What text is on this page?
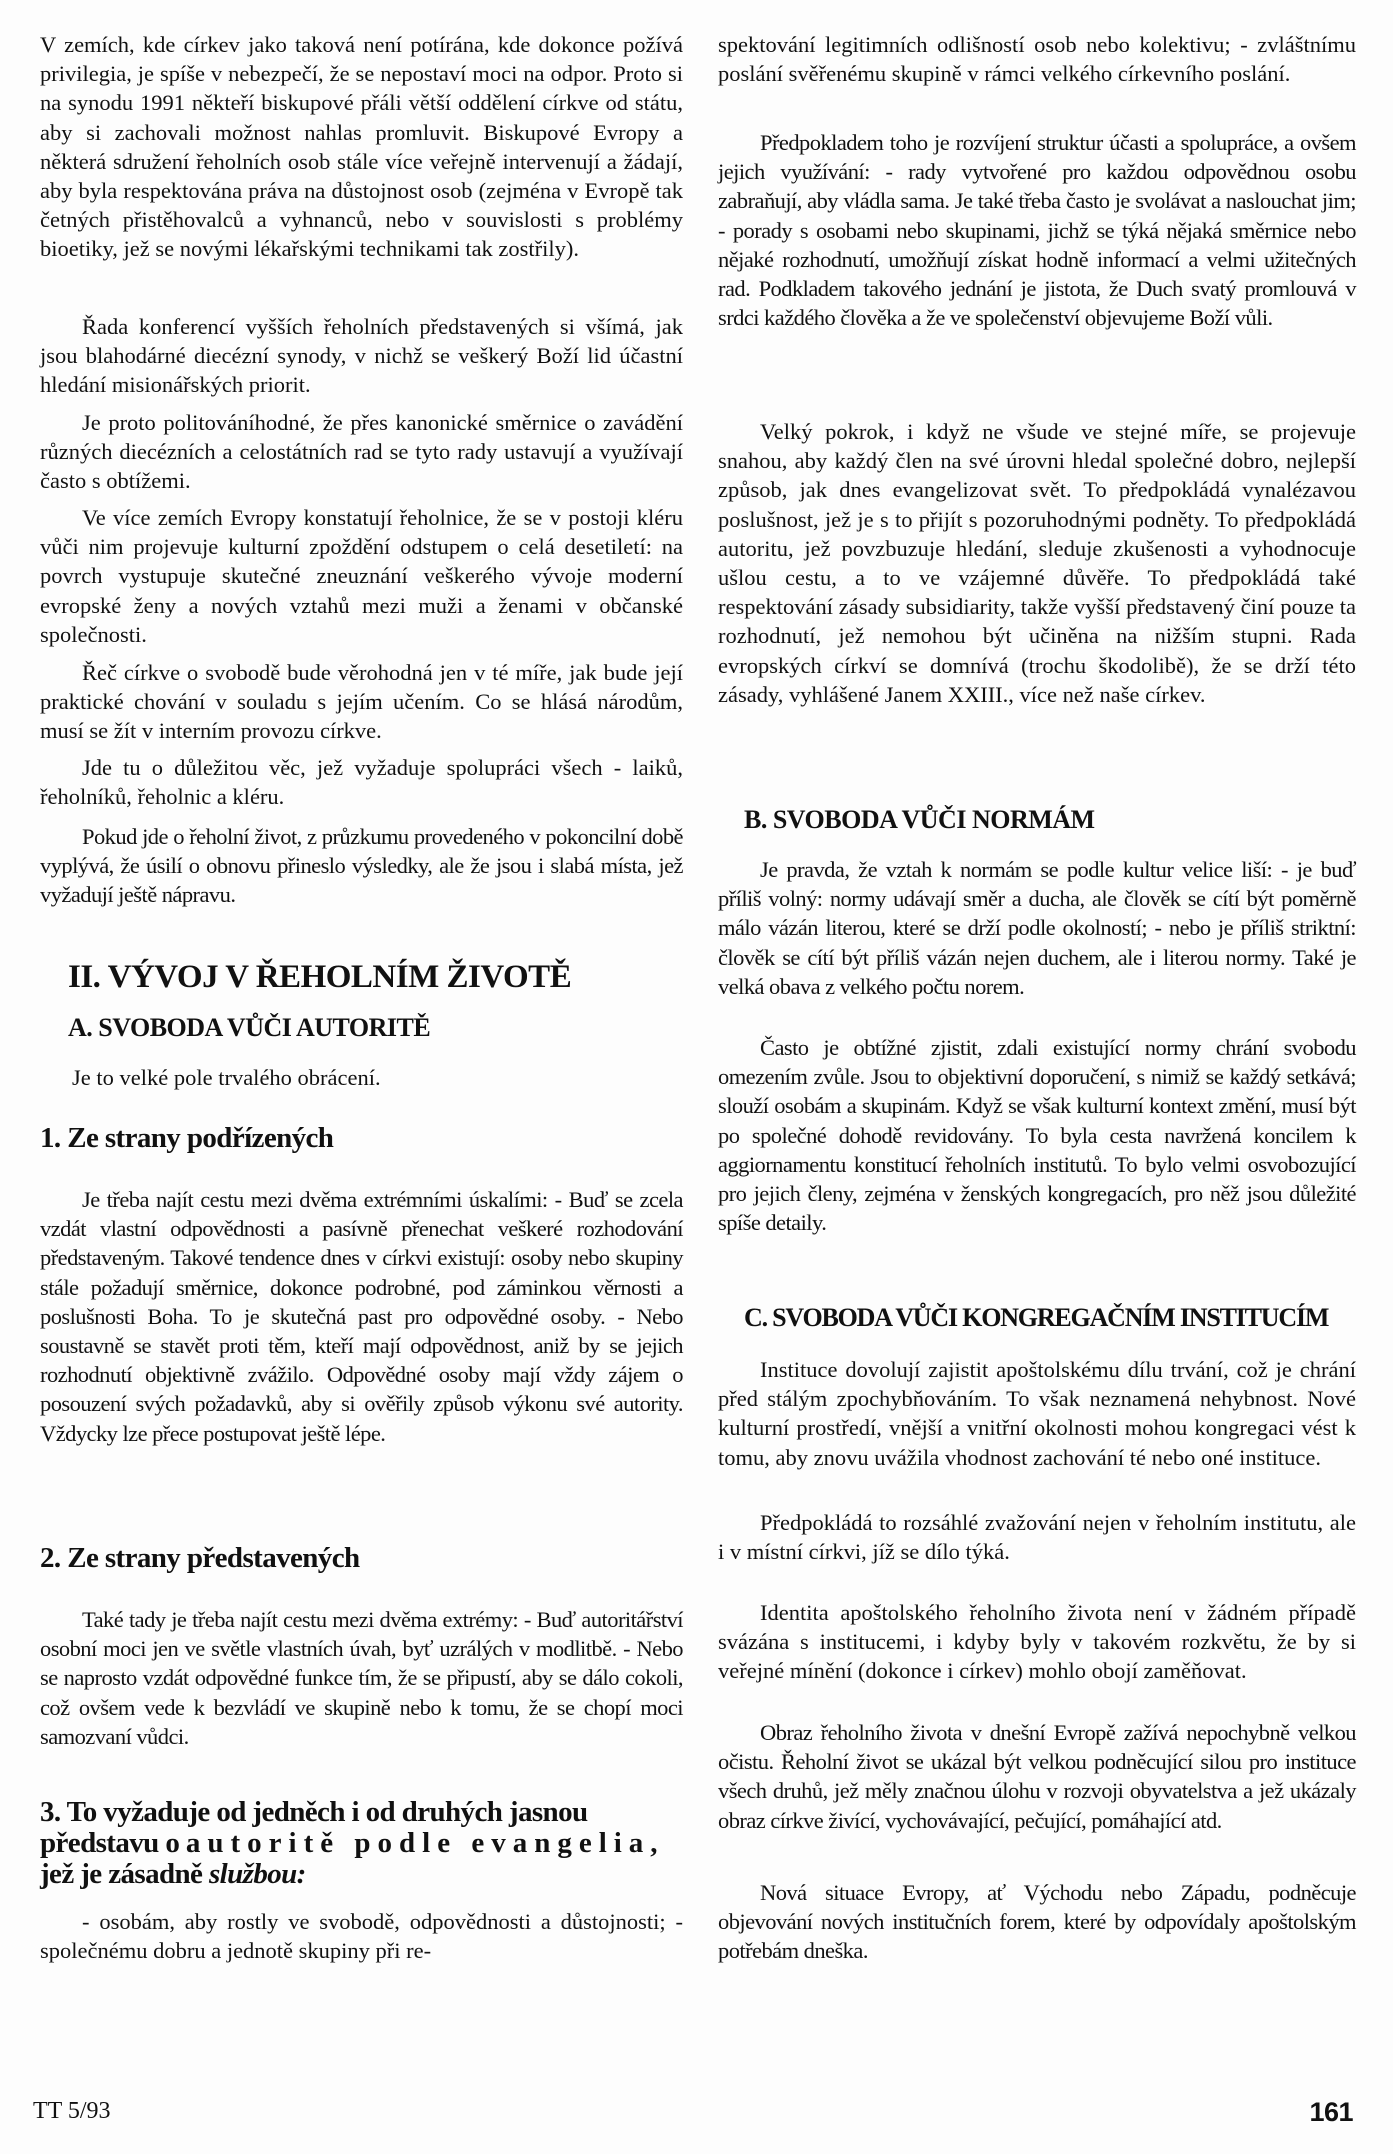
V zemích, kde církev jako taková není potírána, kde dokonce požívá privilegia, je spíše v nebezpečí, že se nepostaví moci na odpor. Proto si na synodu 1991 někteří biskupové přáli větší oddělení církve od státu, aby si zachovali možnost nahlas promluvit. Biskupové Evropy a některá sdružení řeholních osob stále více veřejně intervenují a žádají, aby byla respektována práva na důstojnost osob (zejména v Evropě tak četných přistěhovalců a vyhnanců, nebo v souvislosti s problémy bioetiky, jež se novými lékařskými technikami tak zostřily).

Řada konferencí vyšších řeholních představených si všímá, jak jsou blahodárné diecézní synody, v nichž se veškerý Boží lid účastní hledání misionářských priorit.

Je proto politováníhodné, že přes kanonické směrnice o zavádění různých diecézních a celostátních rad se tyto rady ustavují a využívají často s obtížemi.

Ve více zemích Evropy konstatují řeholnice, že se v postoji kléru vůči nim projevuje kulturní zpoždění odstupem o celá desetiletí: na povrch vystupuje skutečné zneuznání veškerého vývoje moderní evropské ženy a nových vztahů mezi muži a ženami v občanské společnosti.

Řeč církve o svobodě bude věrohodná jen v té míře, jak bude její praktické chování v souladu s jejím učením. Co se hlásá národům, musí se žít v interním provozu církve.

Jde tu o důležitou věc, jež vyžaduje spolupráci všech - laiků, řeholníků, řeholnic a kléru.

Pokud jde o řeholní život, z průzkumu provedeného v pokoncilní době vyplývá, že úsilí o obnovu přineslo výsledky, ale že jsou i slabá místa, jež vyžadují ještě nápravu.

II. VÝVOJ V ŘEHOLNÍM ŽIVOTĚ
A. SVOBODA VŮČI AUTORITĚ

Je to velké pole trvalého obrácení.

1. Ze strany podřízených

Je třeba najít cestu mezi dvěma extrémními úskalími: - Buď se zcela vzdát vlastní odpovědnosti a pasívně přenechat veškeré rozhodování představeným. Takové tendence dnes v církvi existují: osoby nebo skupiny stále požadují směrnice, dokonce podrobné, pod záminkou věrnosti a poslušnosti Boha. To je skutečná past pro odpovědné osoby. - Nebo soustavně se stavět proti těm, kteří mají odpovědnost, aniž by se jejich rozhodnutí objektivně zvážilo. Odpovědné osoby mají vždy zájem o posouzení svých požadavků, aby si ověřily způsob výkonu své autority. Vždycky lze přece postupovat ještě lépe.

2. Ze strany představených

Také tady je třeba najít cestu mezi dvěma extrémy: - Buď autoritářství osobní moci jen ve světle vlastních úvah, byť uzrálých v modlitbě. - Nebo se naprosto vzdát odpovědné funkce tím, že se připustí, aby se dálo cokoli, což ovšem vede k bezvládí ve skupině nebo k tomu, že se chopí moci samozvaní vůdci.

3. To vyžaduje od jedněch i od druhých jasnou
představu o autoritě podle evangelia,
jež je zásadně službou:

- osobám, aby rostly ve svobodě, odpovědnosti a důstojnosti; - společnému dobru a jednotě skupiny při re-

spektování legitimních odlišností osob nebo kolektivu; - zvláštnímu poslání svěřenému skupině v rámci velkého církevního poslání.

Předpokladem toho je rozvíjení struktur účasti a spolupráce, a ovšem jejich využívání: - rady vytvořené pro každou odpovědnou osobu zabraňují, aby vládla sama. Je také třeba často je svolávat a naslouchat jim; - porady s osobami nebo skupinami, jichž se týká nějaká směrnice nebo nějaké rozhodnutí, umožňují získat hodně informací a velmi užitečných rad. Podkladem takového jednání je jistota, že Duch svatý promlouvá v srdci každého člověka a že ve společenství objevujeme Boží vůli.

Velký pokrok, i když ne všude ve stejné míře, se projevuje snahou, aby každý člen na své úrovni hledal společné dobro, nejlepší způsob, jak dnes evangelizovat svět. To předpokládá vynalézavou poslušnost, jež je s to přijít s pozoruhodnými podněty. To předpokládá autoritu, jež povzbuzuje hledání, sleduje zkušenosti a vyhodnocuje ušlou cestu, a to ve vzájemné důvěře. To předpokládá také respektování zásady subsidiarity, takže vyšší představený činí pouze ta rozhodnutí, jež nemohou být učiněna na nižším stupni. Rada evropských církví se domnívá (trochu škodolibě), že se drží této zásady, vyhlášené Janem XXIII., více než naše církev.

B. SVOBODA VŮČI NORMÁM

Je pravda, že vztah k normám se podle kultur velice liší: - je buď příliš volný: normy udávají směr a ducha, ale člověk se cítí být poměrně málo vázán literou, které se drží podle okolností; - nebo je příliš striktní: člověk se cítí být příliš vázán nejen duchem, ale i literou normy. Také je velká obava z velkého počtu norem.

Často je obtížné zjistit, zdali existující normy chrání svobodu omezením zvůle. Jsou to objektivní doporučení, s nimiž se každý setkává; slouží osobám a skupinám. Když se však kulturní kontext změní, musí být po společné dohodě revidovány. To byla cesta navržená koncilem k aggiornamentu konstitucí řeholních institutů. To bylo velmi osvobozující pro jejich členy, zejména v ženských kongregacích, pro něž jsou důležité spíše detaily.

C. SVOBODA VŮČI KONGREGAČNÍM INSTITUCÍM

Instituce dovolují zajistit apoštolskému dílu trvání, což je chrání před stálým zpochybňováním. To však neznamená nehybnost. Nové kulturní prostředí, vnější a vnitřní okolnosti mohou kongregaci vést k tomu, aby znovu uvážila vhodnost zachování té nebo oné instituce.

Předpokládá to rozsáhlé zvažování nejen v řeholním institutu, ale i v místní církvi, jíž se dílo týká.

Identita apoštolského řeholního života není v žádném případě svázána s institucemi, i kdyby byly v takovém rozkvětu, že by si veřejné mínění (dokonce i církev) mohlo obojí zaměňovat.

Obraz řeholního života v dnešní Evropě zažívá nepochybně velkou očistu. Řeholní život se ukázal být velkou podněcující silou pro instituce všech druhů, jež měly značnou úlohu v rozvoji obyvatelstva a jež ukázaly obraz církve živící, vychovávající, pečující, pomáhající atd.

Nová situace Evropy, ať Východu nebo Západu, podněcuje objevování nových institučních forem, které by odpovídaly apoštolským potřebám dneška.

TT 5/93	161
